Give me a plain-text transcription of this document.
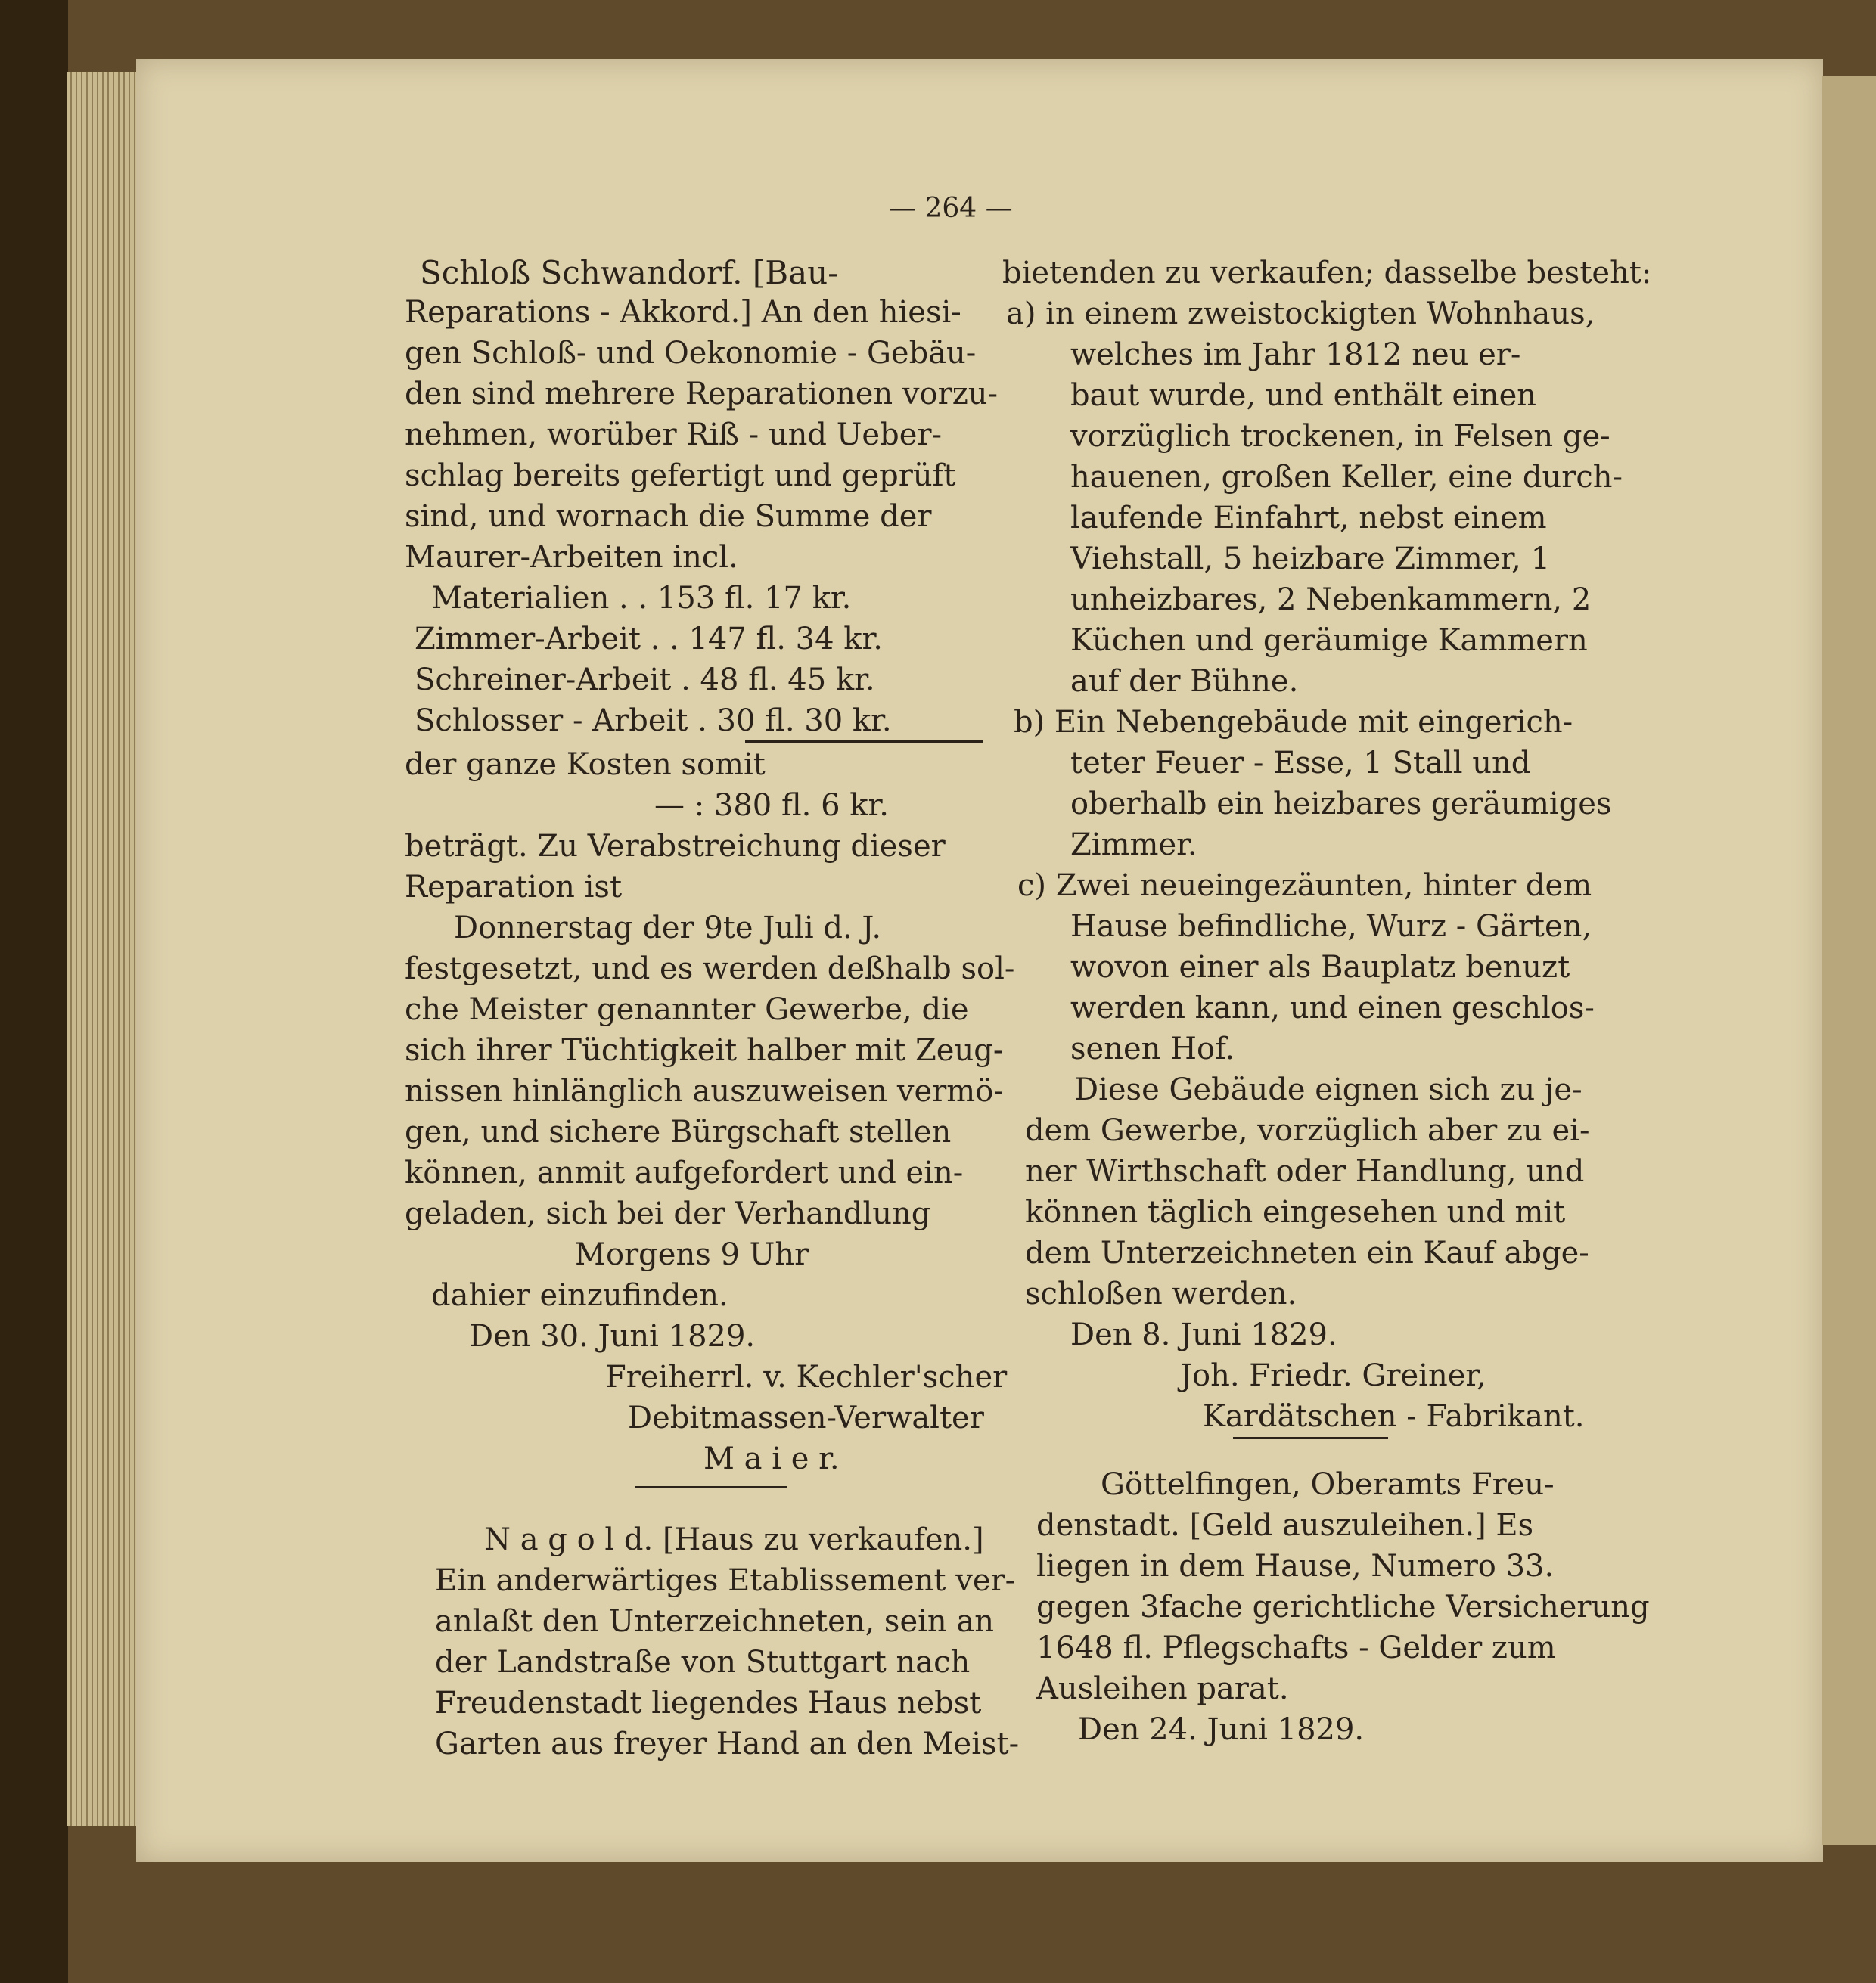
— 264 —
Schloß Schwandorf. [Bau-
Reparations - Akkord.] An den hiesi-
gen Schloß- und Oekonomie - Gebäu-
den sind mehrere Reparationen vorzu-
nehmen, worüber Riß - und Ueber-
schlag bereits gefertigt und geprüft
sind, und wornach die Summe der
Maurer-Arbeiten incl.
Materialien . . 153 fl. 17 kr.
Zimmer-Arbeit . . 147 fl. 34 kr.
Schreiner-Arbeit . 48 fl. 45 kr.
Schlosser - Arbeit . 30 fl. 30 kr.
der ganze Kosten somit
— : 380 fl. 6 kr.
beträgt. Zu Verabstreichung dieser
Reparation ist
Donnerstag der 9te Juli d. J.
festgesetzt, und es werden deßhalb sol-
che Meister genannter Gewerbe, die
sich ihrer Tüchtigkeit halber mit Zeug-
nissen hinlänglich auszuweisen vermö-
gen, und sichere Bürgschaft stellen
können, anmit aufgefordert und ein-
geladen, sich bei der Verhandlung
Morgens 9 Uhr
dahier einzufinden.
Den 30. Juni 1829.
Freiherrl. v. Kechler'scher
Debitmassen-Verwalter
M a i e r.
N a g o l d. [Haus zu verkaufen.]
Ein anderwärtiges Etablissement ver-
anlaßt den Unterzeichneten, sein an
der Landstraße von Stuttgart nach
Freudenstadt liegendes Haus nebst
Garten aus freyer Hand an den Meist-
bietenden zu verkaufen; dasselbe besteht:
a) in einem zweistockigten Wohnhaus,
welches im Jahr 1812 neu er-
baut wurde, und enthält einen
vorzüglich trockenen, in Felsen ge-
hauenen, großen Keller, eine durch-
laufende Einfahrt, nebst einem
Viehstall, 5 heizbare Zimmer, 1
unheizbares, 2 Nebenkammern, 2
Küchen und geräumige Kammern
auf der Bühne.
b) Ein Nebengebäude mit eingerich-
teter Feuer - Esse, 1 Stall und
oberhalb ein heizbares geräumiges
Zimmer.
c) Zwei neueingezäunten, hinter dem
Hause befindliche, Wurz - Gärten,
wovon einer als Bauplatz benuzt
werden kann, und einen geschlos-
senen Hof.
Diese Gebäude eignen sich zu je-
dem Gewerbe, vorzüglich aber zu ei-
ner Wirthschaft oder Handlung, und
können täglich eingesehen und mit
dem Unterzeichneten ein Kauf abge-
schloßen werden.
Den 8. Juni 1829.
Joh. Friedr. Greiner,
Kardätschen - Fabrikant.
Göttelfingen, Oberamts Freu-
denstadt. [Geld auszuleihen.] Es
liegen in dem Hause, Numero 33.
gegen 3fache gerichtliche Versicherung
1648 fl. Pflegschafts - Gelder zum
Ausleihen parat.
Den 24. Juni 1829.
